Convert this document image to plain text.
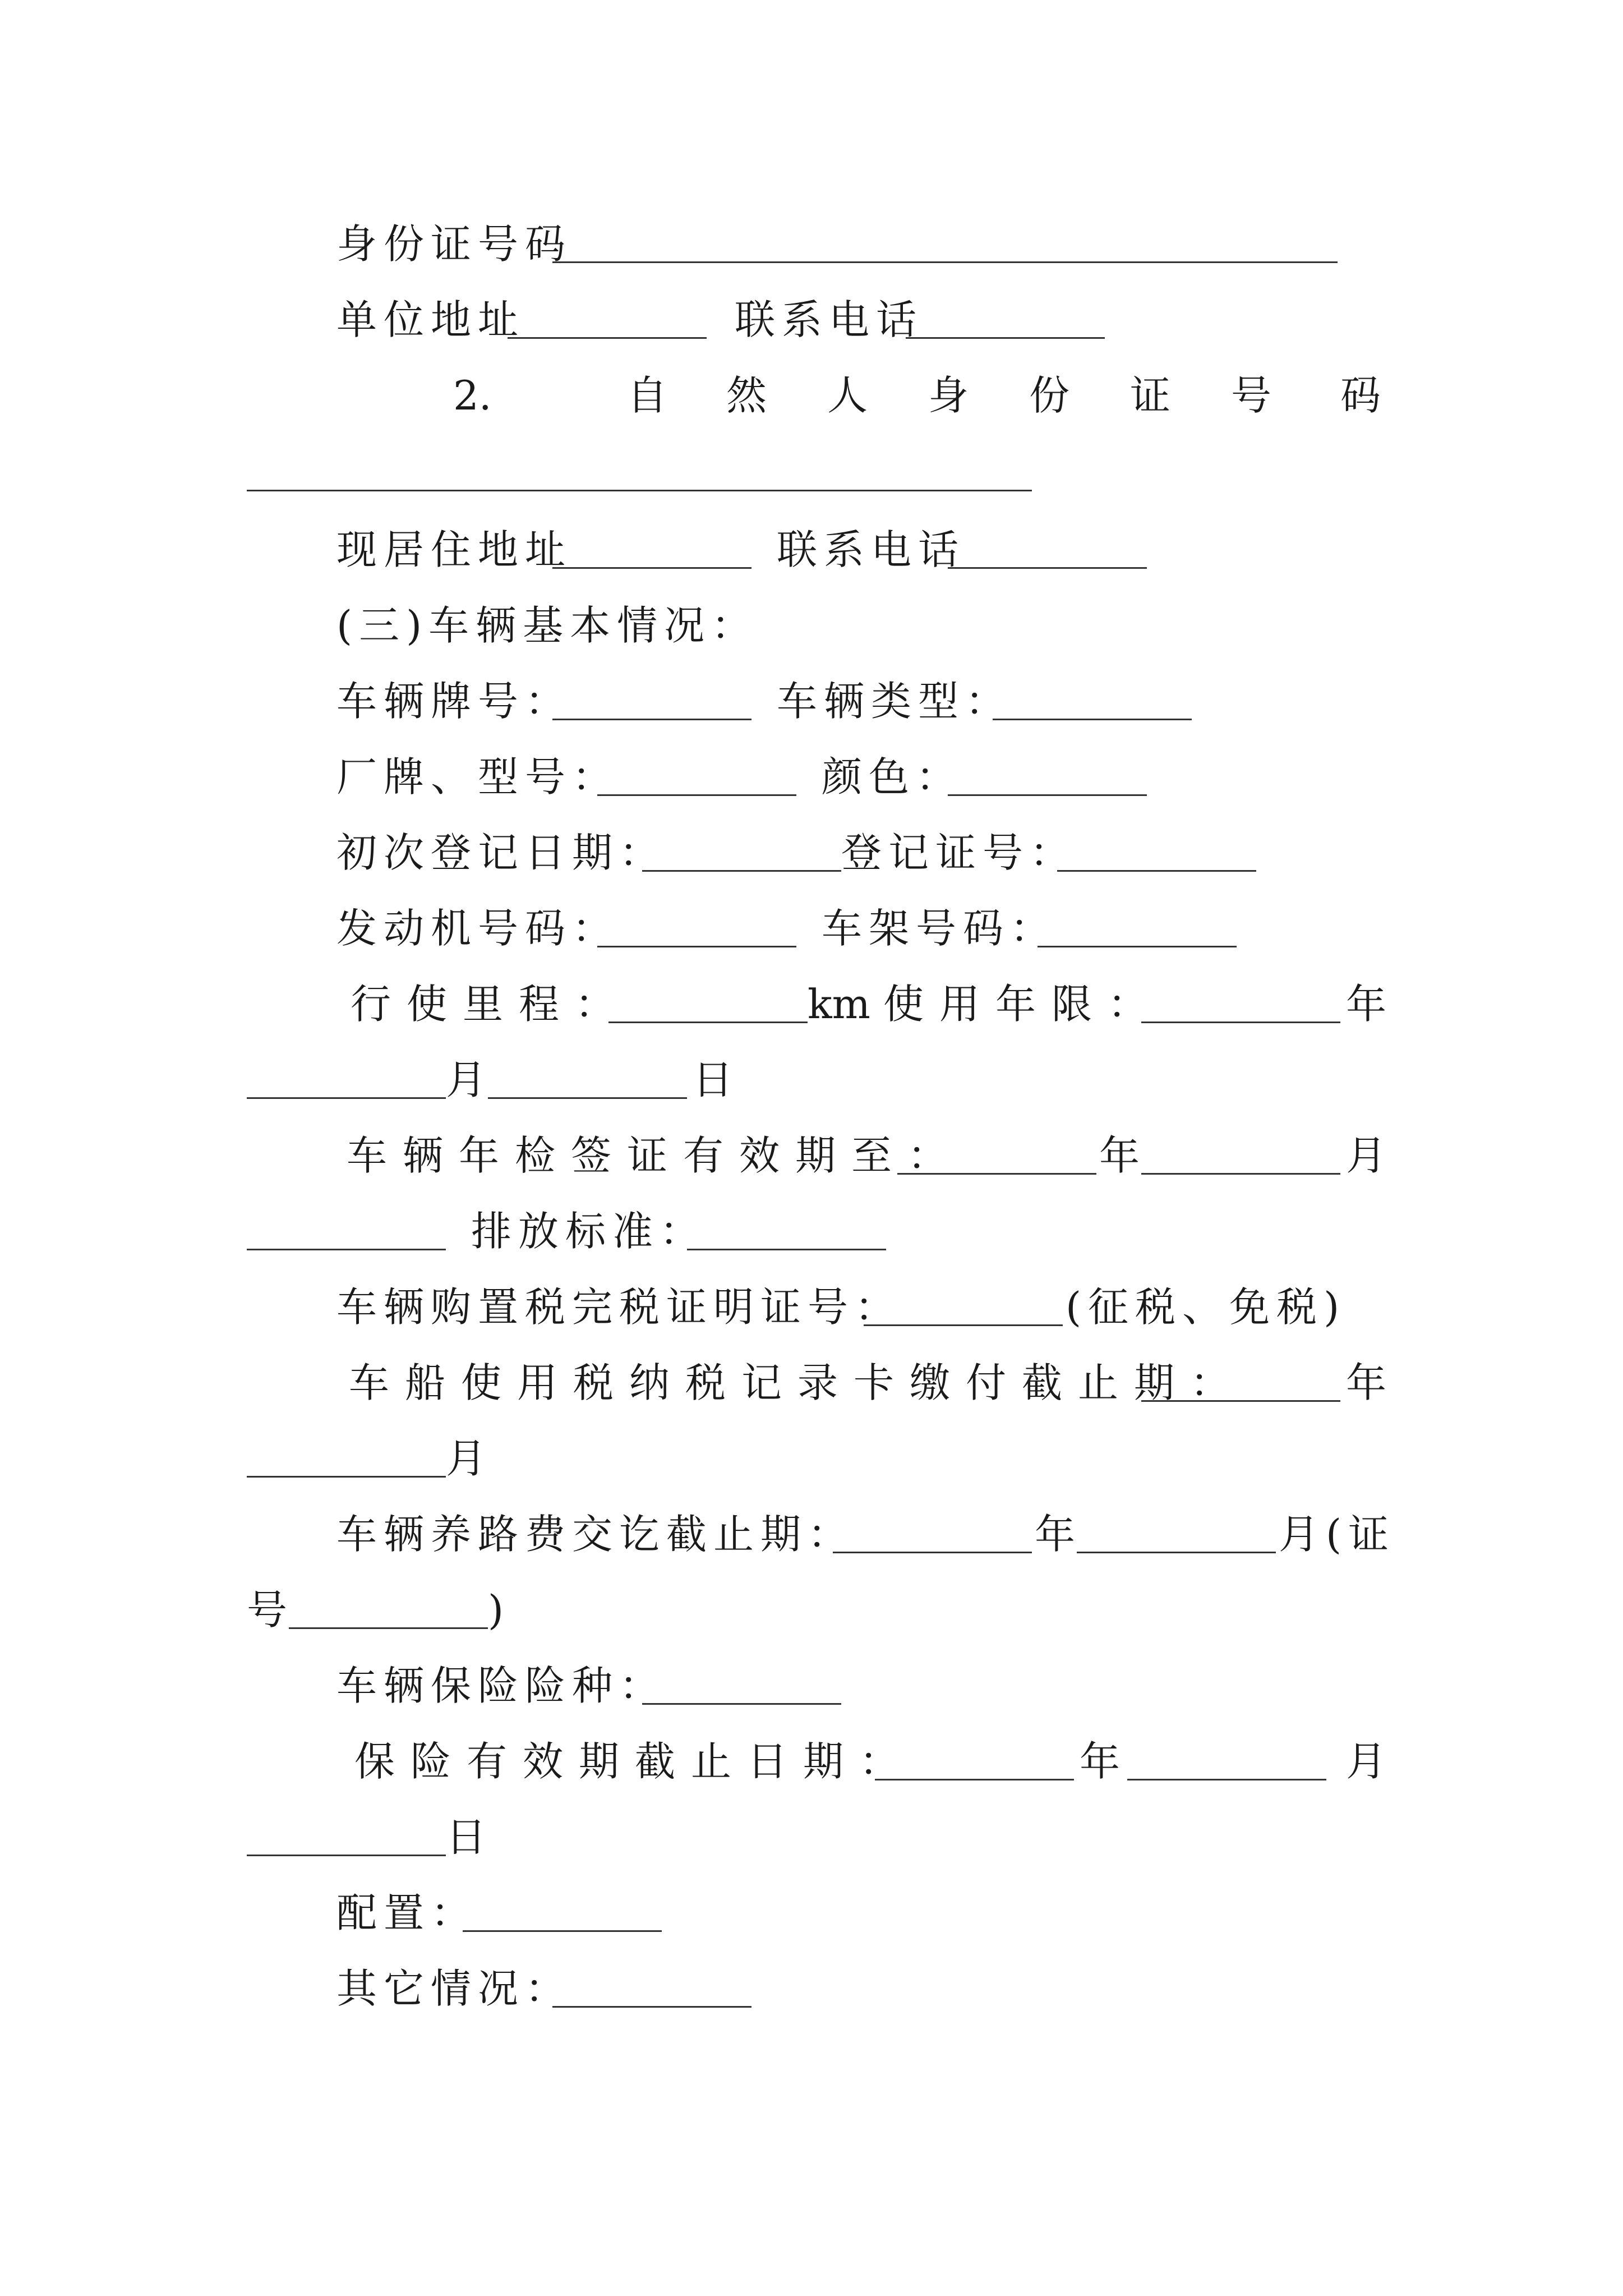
身份证号码
单位地址	联系电话
2.	自 然 人 身 份 证 号 码
现居住地址	联系电话
(三)车辆基本情况：
车辆牌号：	车辆类型：
厂牌、型号：	颜色：
初次登记日期：	登记证号：
发动机号码：	车架号码：
行使里程：	km 使用年限：	年
月	日
车辆年检签证有效期至：	年	月
排放标准：
车辆购置税完税证明证号：	(征税、免税)
车船使用税纳税记录卡缴付截止期： 年
月
车辆养路费交讫截止期：	年	月(证
号	)
车辆保险险种：
保险有效期截止日期：	年	月
日
配置：
其它情况：
